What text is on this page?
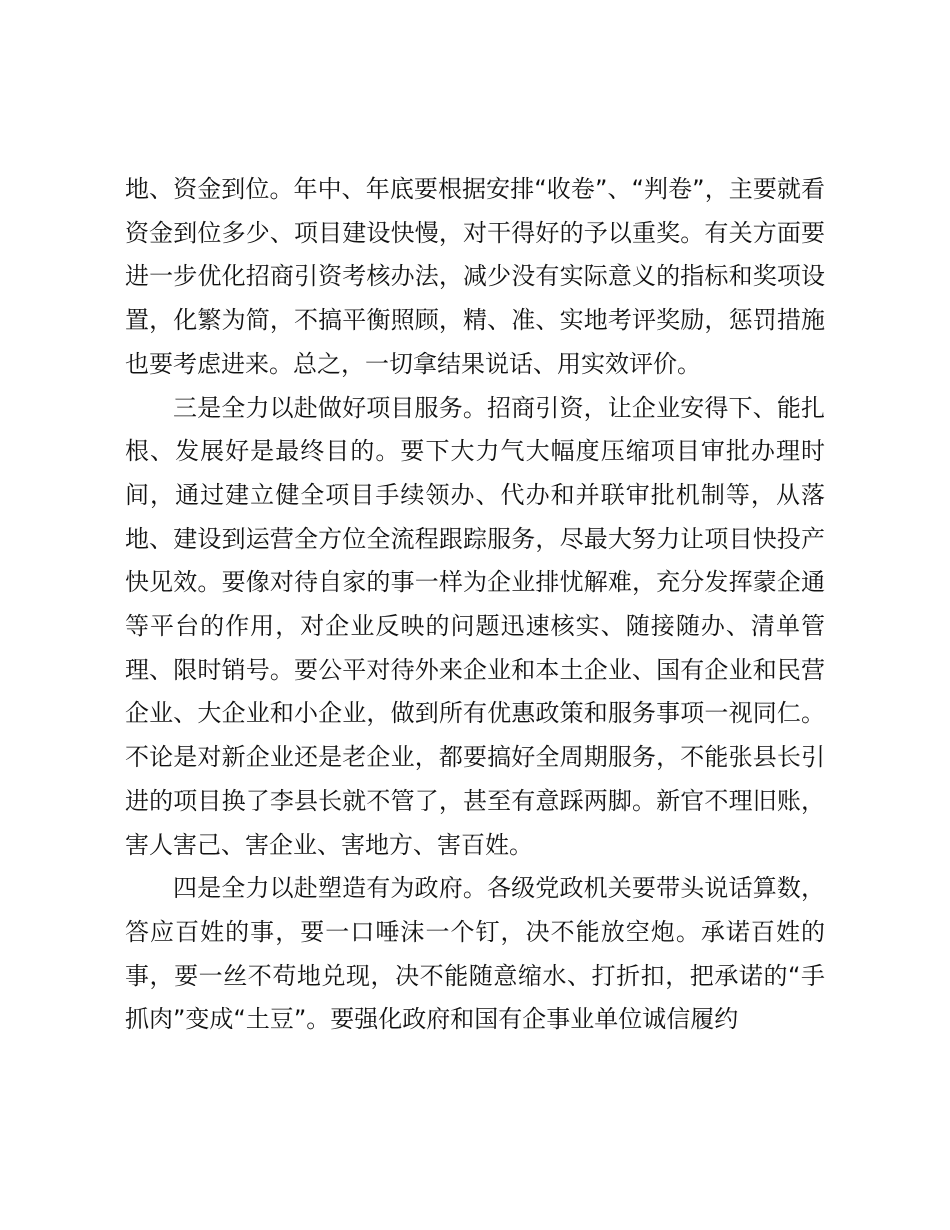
地、资金到位。年中、年底要根据安排“收卷”、“判卷”，主要就看资金到位多少、项目建设快慢，对干得好的予以重奖。有关方面要进一步优化招商引资考核办法，减少没有实际意义的指标和奖项设置，化繁为简，不搞平衡照顾，精、准、实地考评奖励，惩罚措施也要考虑进来。总之，一切拿结果说话、用实效评价。

三是全力以赴做好项目服务。招商引资，让企业安得下、能扎根、发展好是最终目的。要下大力气大幅度压缩项目审批办理时间，通过建立健全项目手续领办、代办和并联审批机制等，从落地、建设到运营全方位全流程跟踪服务，尽最大努力让项目快投产快见效。要像对待自家的事一样为企业排忧解难，充分发挥蒙企通等平台的作用，对企业反映的问题迅速核实、随接随办、清单管理、限时销号。要公平对待外来企业和本土企业、国有企业和民营企业、大企业和小企业，做到所有优惠政策和服务事项一视同仁。不论是对新企业还是老企业，都要搞好全周期服务，不能张县长引进的项目换了李县长就不管了，甚至有意踩两脚。新官不理旧账，害人害己、害企业、害地方、害百姓。

四是全力以赴塑造有为政府。各级党政机关要带头说话算数，答应百姓的事，要一口唾沫一个钉，决不能放空炮。承诺百姓的事，要一丝不苟地兑现，决不能随意缩水、打折扣，把承诺的“手抓肉”变成“土豆”。要强化政府和国有企事业单位诚信履约
